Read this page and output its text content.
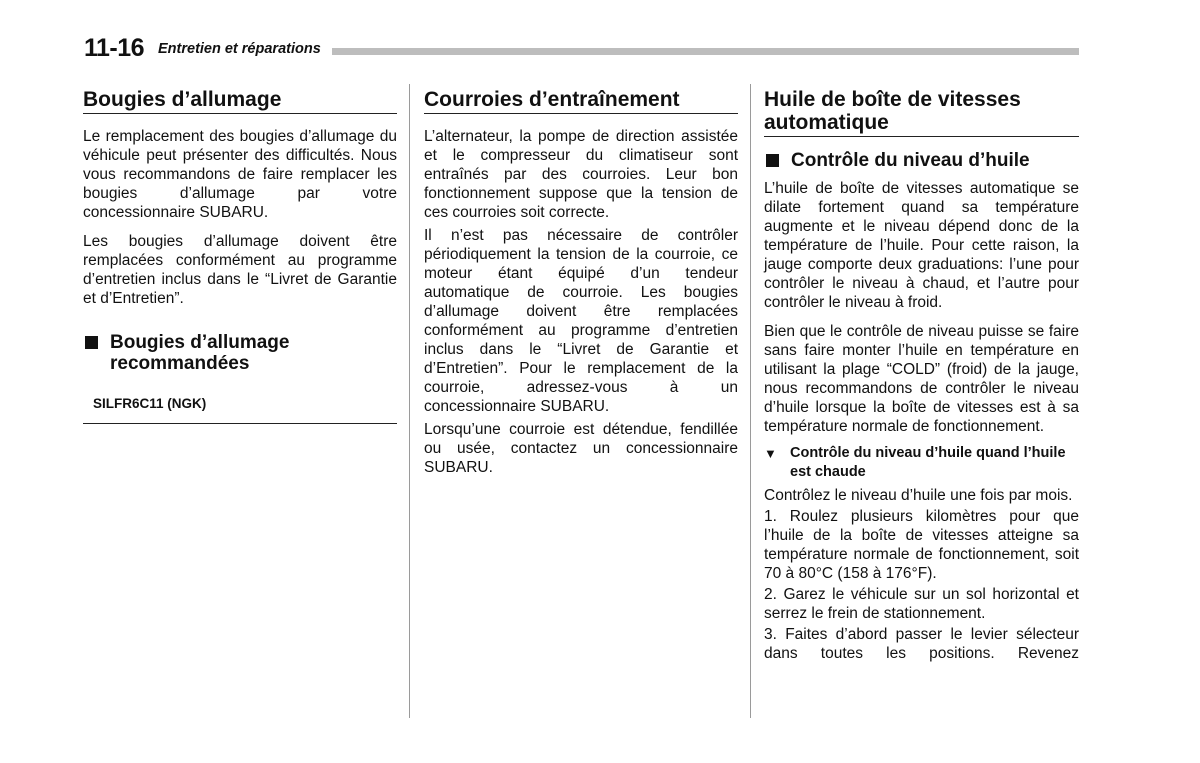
11-16 Entretien et réparations
Bougies d’allumage

Le remplacement des bougies d’allumage du véhicule peut présenter des difficultés. Nous vous recommandons de faire remplacer les bougies d’allumage par votre concessionnaire SUBARU.

Les bougies d’allumage doivent être remplacées conformément au programme d’entretien inclus dans le “Livret de Garantie et d’Entretien”.

Bougies d’allumage recommandées
SILFR6C11 (NGK)
Courroies d’entraînement

L’alternateur, la pompe de direction assistée et le compresseur du climatiseur sont entraînés par des courroies. Leur bon fonctionnement suppose que la tension de ces courroies soit correcte.

Il n’est pas nécessaire de contrôler périodiquement la tension de la courroie, ce moteur étant équipé d’un tendeur automatique de courroie. Les bougies d’allumage doivent être remplacées conformément au programme d’entretien inclus dans le “Livret de Garantie et d’Entretien”. Pour le remplacement de la courroie, adressez-vous à un concessionnaire SUBARU.

Lorsqu’une courroie est détendue, fendillée ou usée, contactez un concessionnaire SUBARU.

Huile de boîte de vitesses automatique
Contrôle du niveau d’huile

L’huile de boîte de vitesses automatique se dilate fortement quand sa température augmente et le niveau dépend donc de la température de l’huile. Pour cette raison, la jauge comporte deux graduations: l’une pour contrôler le niveau à chaud, et l’autre pour contrôler le niveau à froid.

Bien que le contrôle de niveau puisse se faire sans faire monter l’huile en température en utilisant la plage “COLD” (froid) de la jauge, nous recommandons de contrôler le niveau d’huile lorsque la boîte de vitesses est à sa température normale de fonctionnement.

▼ Contrôle du niveau d’huile quand l’huile est chaude

Contrôlez le niveau d’huile une fois par mois.

1. Roulez plusieurs kilomètres pour que l’huile de la boîte de vitesses atteigne sa température normale de fonctionnement, soit 70 à 80°C (158 à 176°F).

2. Garez le véhicule sur un sol horizontal et serrez le frein de stationnement.

3. Faites d’abord passer le levier sélecteur dans toutes les positions. Revenez
